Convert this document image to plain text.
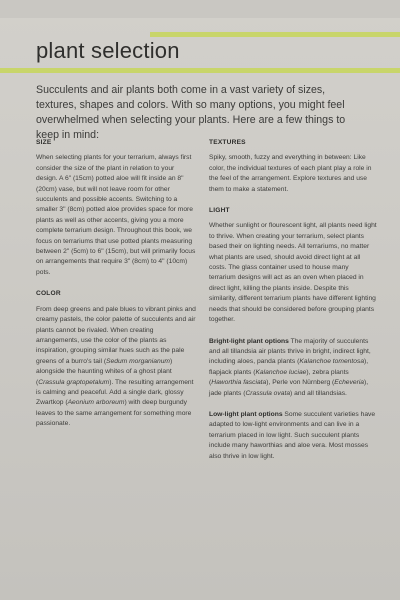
plant selection
Succulents and air plants both come in a vast variety of sizes, textures, shapes and colors. With so many options, you might feel overwhelmed when selecting your plants. Here are a few things to keep in mind:
SIZE
When selecting plants for your terrarium, always first consider the size of the plant in relation to your design. A 6" (15cm) potted aloe will fit inside an 8" (20cm) vase, but will not leave room for other succulents and possible accents. Switching to a smaller 3" (8cm) potted aloe provides space for more plants as well as other accents, giving you a more complete terrarium design. Throughout this book, we focus on terrariums that use potted plants measuring between 2" (5cm) to 6" (15cm), but will primarily focus on arrangements that require 3" (8cm) to 4" (10cm) pots.
COLOR
From deep greens and pale blues to vibrant pinks and creamy pastels, the color palette of succulents and air plants cannot be rivaled. When creating arrangements, use the color of the plants as inspiration, grouping similar hues such as the pale greens of a burro's tail (Sedum morganianum) alongside the haunting whites of a ghost plant (Crassula graptopetalum). The resulting arrangement is calming and peaceful. Add a single dark, glossy Zwartkop (Aeonium arboreum) with deep burgundy leaves to the same arrangement for something more passionate.
TEXTURES
Spiky, smooth, fuzzy and everything in between: Like color, the individual textures of each plant play a role in the feel of the arrangement. Explore textures and use them to make a statement.
LIGHT
Whether sunlight or flourescent light, all plants need light to thrive. When creating your terrarium, select plants based their on lighting needs. All terrariums, no matter what plants are used, should avoid direct light at all costs. The glass container used to house many terrarium designs will act as an oven when placed in direct light, killing the plants inside. Despite this similarity, different terrarium plants have different lighting needs that should be considered before grouping plants together.
Bright-light plant options The majority of succulents and all tillandsia air plants thrive in bright, indirect light, including aloes, panda plants (Kalanchoe tomentosa), flapjack plants (Kalanchoe luciae), zebra plants (Haworthia fasciata), Perle von Nürnberg (Echeveria), jade plants (Crassula ovata) and all tillandsias.
Low-light plant options Some succulent varieties have adapted to low-light environments and can live in a terrarium placed in low light. Such succulent plants include many haworthias and aloe vera. Most mosses also thrive in low light.
